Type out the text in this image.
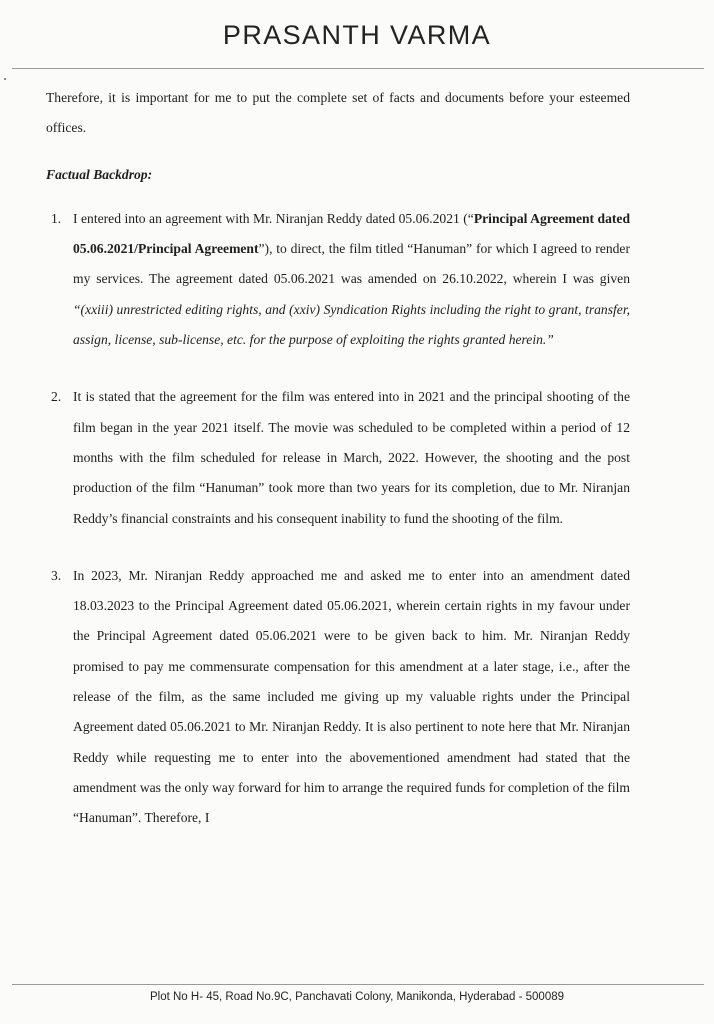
PRASANTH VARMA

Therefore, it is important for me to put the complete set of facts and documents before your esteemed offices.

Factual Backdrop:

1. I entered into an agreement with Mr. Niranjan Reddy dated 05.06.2021 (“Principal Agreement dated 05.06.2021/Principal Agreement”), to direct, the film titled “Hanuman” for which I agreed to render my services. The agreement dated 05.06.2021 was amended on 26.10.2022, wherein I was given “(xxiii) unrestricted editing rights, and (xxiv) Syndication Rights including the right to grant, transfer, assign, license, sub-license, etc. for the purpose of exploiting the rights granted herein.”
2. It is stated that the agreement for the film was entered into in 2021 and the principal shooting of the film began in the year 2021 itself. The movie was scheduled to be completed within a period of 12 months with the film scheduled for release in March, 2022. However, the shooting and the post production of the film “Hanuman” took more than two years for its completion, due to Mr. Niranjan Reddy’s financial constraints and his consequent inability to fund the shooting of the film.
3. In 2023, Mr. Niranjan Reddy approached me and asked me to enter into an amendment dated 18.03.2023 to the Principal Agreement dated 05.06.2021, wherein certain rights in my favour under the Principal Agreement dated 05.06.2021 were to be given back to him. Mr. Niranjan Reddy promised to pay me commensurate compensation for this amendment at a later stage, i.e., after the release of the film, as the same included me giving up my valuable rights under the Principal Agreement dated 05.06.2021 to Mr. Niranjan Reddy. It is also pertinent to note here that Mr. Niranjan Reddy while requesting me to enter into the abovementioned amendment had stated that the amendment was the only way forward for him to arrange the required funds for completion of the film “Hanuman”. Therefore, I
Plot No H- 45, Road No.9C, Panchavati Colony, Manikonda, Hyderabad - 500089
